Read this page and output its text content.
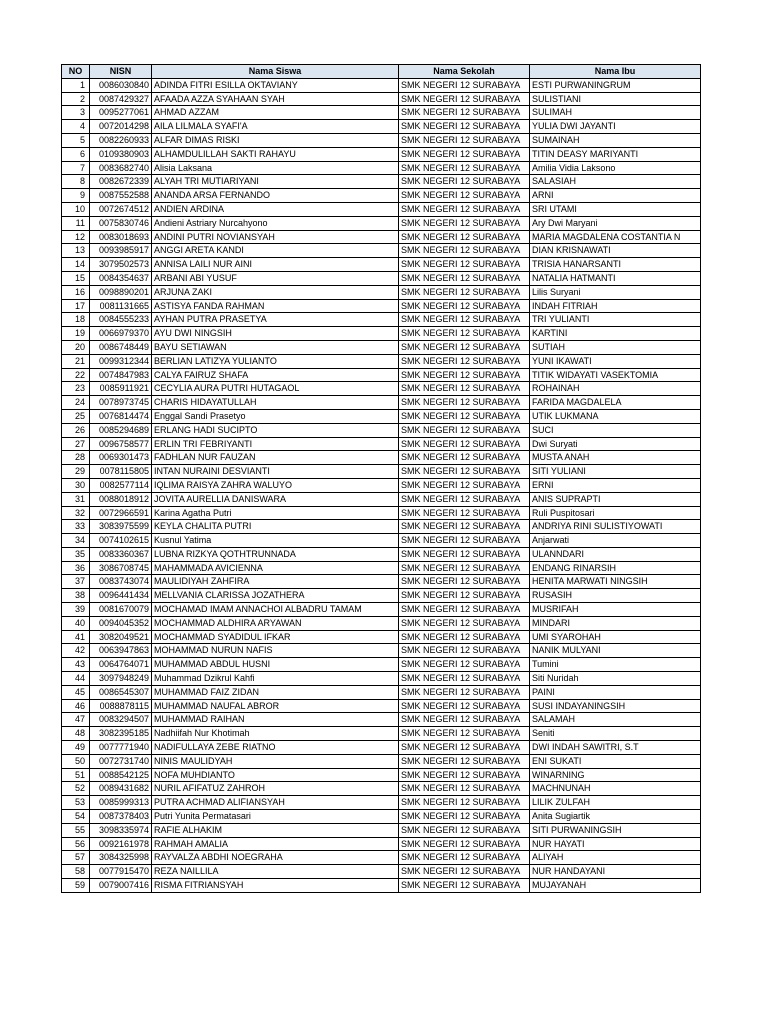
NO	NISN	Nama Siswa	Nama Sekolah	Nama Ibu
1	0086030840	ADINDA FITRI ESILLA OKTAVIANY	SMK NEGERI 12 SURABAYA	ESTI PURWANINGRUM
2	0087429327	AFAADA AZZA SYAHAAN SYAH	SMK NEGERI 12 SURABAYA	SULISTIANI
3	0095277061	AHMAD AZZAM	SMK NEGERI 12 SURABAYA	SULIMAH
4	0072014298	AILA LILMALA SYAFI'A	SMK NEGERI 12 SURABAYA	YULIA DWI JAYANTI
5	0082260933	ALFAR DIMAS RISKI	SMK NEGERI 12 SURABAYA	SUMAINAH
6	0109380903	ALHAMDULILLAH SAKTI RAHAYU	SMK NEGERI 12 SURABAYA	TITIN DEASY MARIYANTI
7	0083682740	Alisia Laksana	SMK NEGERI 12 SURABAYA	Amilia Vidia Laksono
8	0082672339	ALYAH TRI MUTIARIYANI	SMK NEGERI 12 SURABAYA	SALASIAH
9	0087552588	ANANDA ARSA FERNANDO	SMK NEGERI 12 SURABAYA	ARNI
10	0072674512	ANDIEN ARDINA	SMK NEGERI 12 SURABAYA	SRI UTAMI
11	0075830746	Andieni Astriary Nurcahyono	SMK NEGERI 12 SURABAYA	Ary Dwi Maryani
12	0083018693	ANDINI PUTRI NOVIANSYAH	SMK NEGERI 12 SURABAYA	MARIA MAGDALENA COSTANTIA N
13	0093985917	ANGGI ARETA KANDI	SMK NEGERI 12 SURABAYA	DIAN KRISNAWATI
14	3079502573	ANNISA LAILI NUR AINI	SMK NEGERI 12 SURABAYA	TRISIA HANARSANTI
15	0084354637	ARBANI ABI YUSUF	SMK NEGERI 12 SURABAYA	NATALIA HATMANTI
16	0098890201	ARJUNA ZAKI	SMK NEGERI 12 SURABAYA	Lilis Suryani
17	0081131665	ASTISYA FANDA RAHMAN	SMK NEGERI 12 SURABAYA	INDAH FITRIAH
18	0084555233	AYHAN PUTRA PRASETYA	SMK NEGERI 12 SURABAYA	TRI YULIANTI
19	0066979370	AYU DWI NINGSIH	SMK NEGERI 12 SURABAYA	KARTINI
20	0086748449	BAYU SETIAWAN	SMK NEGERI 12 SURABAYA	SUTIAH
21	0099312344	BERLIAN LATIZYA YULIANTO	SMK NEGERI 12 SURABAYA	YUNI IKAWATI
22	0074847983	CALYA FAIRUZ SHAFA	SMK NEGERI 12 SURABAYA	TITIK WIDAYATI VASEKTOMIA
23	0085911921	CECYLIA AURA PUTRI HUTAGAOL	SMK NEGERI 12 SURABAYA	ROHAINAH
24	0078973745	CHARIS HIDAYATULLAH	SMK NEGERI 12 SURABAYA	FARIDA MAGDALELA
25	0076814474	Enggal Sandi Prasetyo	SMK NEGERI 12 SURABAYA	UTIK LUKMANA
26	0085294689	ERLANG HADI SUCIPTO	SMK NEGERI 12 SURABAYA	SUCI
27	0096758577	ERLIN TRI FEBRIYANTI	SMK NEGERI 12 SURABAYA	Dwi Suryati
28	0069301473	FADHLAN NUR FAUZAN	SMK NEGERI 12 SURABAYA	MUSTA ANAH
29	0078115805	INTAN NURAINI DESVIANTI	SMK NEGERI 12 SURABAYA	SITI YULIANI
30	0082577114	IQLIMA RAISYA ZAHRA WALUYO	SMK NEGERI 12 SURABAYA	ERNI
31	0088018912	JOVITA AURELLIA DANISWARA	SMK NEGERI 12 SURABAYA	ANIS SUPRAPTI
32	0072966591	Karina Agatha Putri	SMK NEGERI 12 SURABAYA	Ruli Puspitosari
33	3083975599	KEYLA CHALITA PUTRI	SMK NEGERI 12 SURABAYA	ANDRIYA RINI SULISTIYOWATI
34	0074102615	Kusnul Yatima	SMK NEGERI 12 SURABAYA	Anjarwati
35	0083360367	LUBNA RIZKYA QOTHTRUNNADA	SMK NEGERI 12 SURABAYA	ULANNDARI
36	3086708745	MAHAMMADA AVICIENNA	SMK NEGERI 12 SURABAYA	ENDANG RINARSIH
37	0083743074	MAULIDIYAH ZAHFIRA	SMK NEGERI 12 SURABAYA	HENITA MARWATI NINGSIH
38	0096441434	MELLVANIA CLARISSA JOZATHERA	SMK NEGERI 12 SURABAYA	RUSASIH
39	0081670079	MOCHAMAD IMAM ANNACHOI ALBADRU TAMAM	SMK NEGERI 12 SURABAYA	MUSRIFAH
40	0094045352	MOCHAMMAD ALDHIRA ARYAWAN	SMK NEGERI 12 SURABAYA	MINDARI
41	3082049521	MOCHAMMAD SYADIDUL IFKAR	SMK NEGERI 12 SURABAYA	UMI SYAROHAH
42	0063947863	MOHAMMAD NURUN NAFIS	SMK NEGERI 12 SURABAYA	NANIK MULYANI
43	0064764071	MUHAMMAD ABDUL HUSNI	SMK NEGERI 12 SURABAYA	Tumini
44	3097948249	Muhammad Dzikrul Kahfi	SMK NEGERI 12 SURABAYA	Siti Nuridah
45	0086545307	MUHAMMAD FAIZ ZIDAN	SMK NEGERI 12 SURABAYA	PAINI
46	0088878115	MUHAMMAD NAUFAL ABROR	SMK NEGERI 12 SURABAYA	SUSI INDAYANINGSIH
47	0083294507	MUHAMMAD RAIHAN	SMK NEGERI 12 SURABAYA	SALAMAH
48	3082395185	Nadhiifah Nur Khotimah	SMK NEGERI 12 SURABAYA	Seniti
49	0077771940	NADIFULLAYA ZEBE RIATNO	SMK NEGERI 12 SURABAYA	DWI INDAH SAWITRI, S.T
50	0072731740	NINIS MAULIDYAH	SMK NEGERI 12 SURABAYA	ENI SUKATI
51	0088542125	NOFA MUHDIANTO	SMK NEGERI 12 SURABAYA	WINARNING
52	0089431682	NURIL AFIFATUZ ZAHROH	SMK NEGERI 12 SURABAYA	MACHNUNAH
53	0085999313	PUTRA ACHMAD ALIFIANSYAH	SMK NEGERI 12 SURABAYA	LILIK ZULFAH
54	0087378403	Putri Yunita Permatasari	SMK NEGERI 12 SURABAYA	Anita Sugiartik
55	3098335974	RAFIE ALHAKIM	SMK NEGERI 12 SURABAYA	SITI PURWANINGSIH
56	0092161978	RAHMAH AMALIA	SMK NEGERI 12 SURABAYA	NUR HAYATI
57	3084325998	RAYVALZA ABDHI NOEGRAHA	SMK NEGERI 12 SURABAYA	ALIYAH
58	0077915470	REZA NAILLILA	SMK NEGERI 12 SURABAYA	NUR HANDAYANI
59	0079007416	RISMA FITRIANSYAH	SMK NEGERI 12 SURABAYA	MUJAYANAH
